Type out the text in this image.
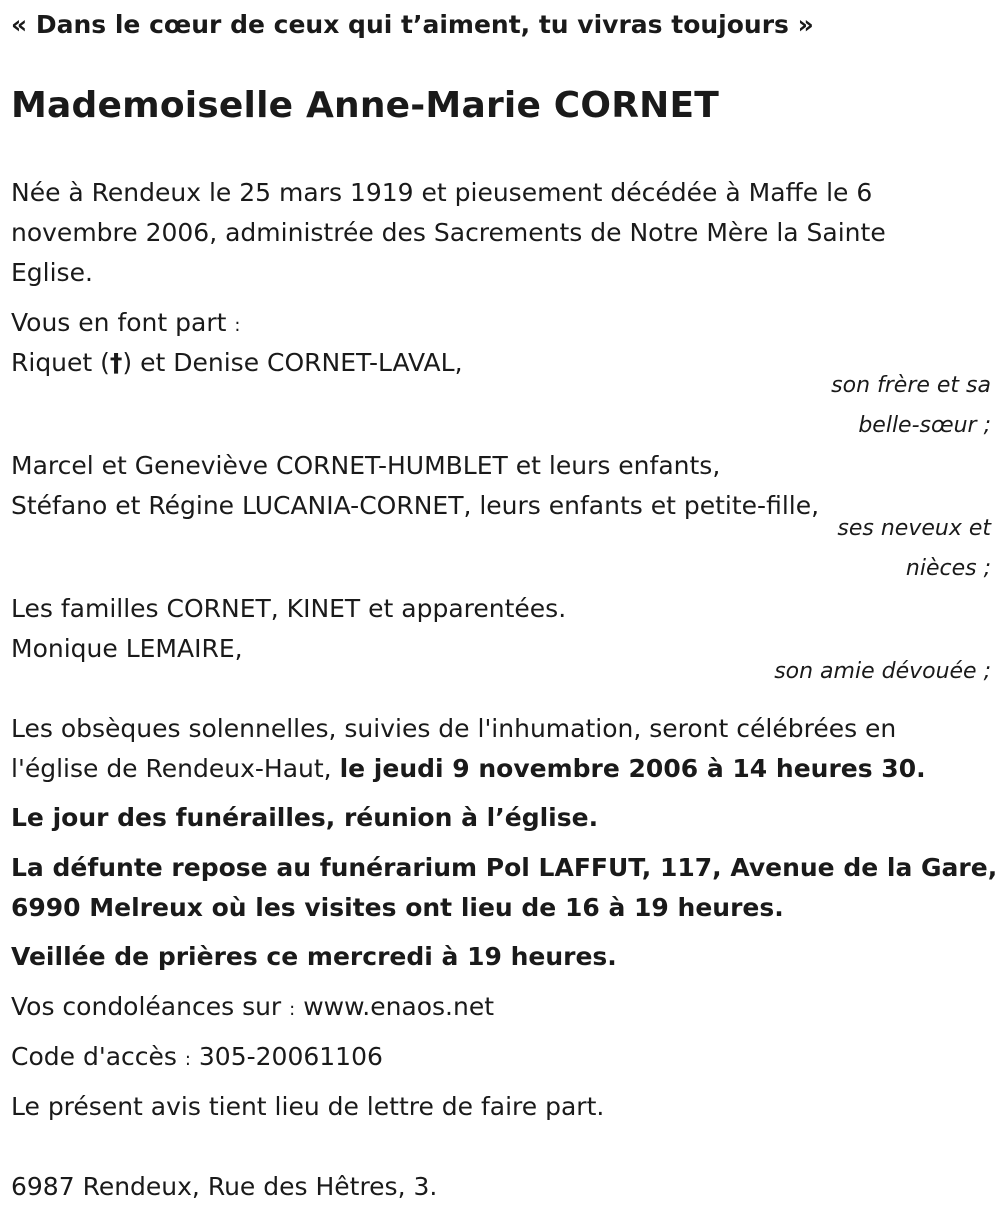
« Dans le cœur de ceux qui t’aiment, tu vivras toujours »
Mademoiselle Anne-Marie CORNET
Née à Rendeux le 25 mars 1919 et pieusement décédée à Maffe le 6
novembre 2006, administrée des Sacrements de Notre Mère la Sainte
Eglise.
Vous en font part :
Riquet (†) et Denise CORNET-LAVAL,
son frère et sa
belle-sœur ;
Marcel et Geneviève CORNET-HUMBLET et leurs enfants,
Stéfano et Régine LUCANIA-CORNET, leurs enfants et petite-fille,
ses neveux et
nièces ;
Les familles CORNET, KINET et apparentées.
Monique LEMAIRE,
son amie dévouée ;
Les obsèques solennelles, suivies de l'inhumation, seront célébrées en
l'église de Rendeux-Haut, le jeudi 9 novembre 2006 à 14 heures 30.
Le jour des funérailles, réunion à l’église.
La défunte repose au funérarium Pol LAFFUT, 117, Avenue de la Gare,
6990 Melreux où les visites ont lieu de 16 à 19 heures.
Veillée de prières ce mercredi à 19 heures.
Vos condoléances sur : www.enaos.net
Code d'accès : 305-20061106
Le présent avis tient lieu de lettre de faire part.
6987 Rendeux, Rue des Hêtres, 3.
